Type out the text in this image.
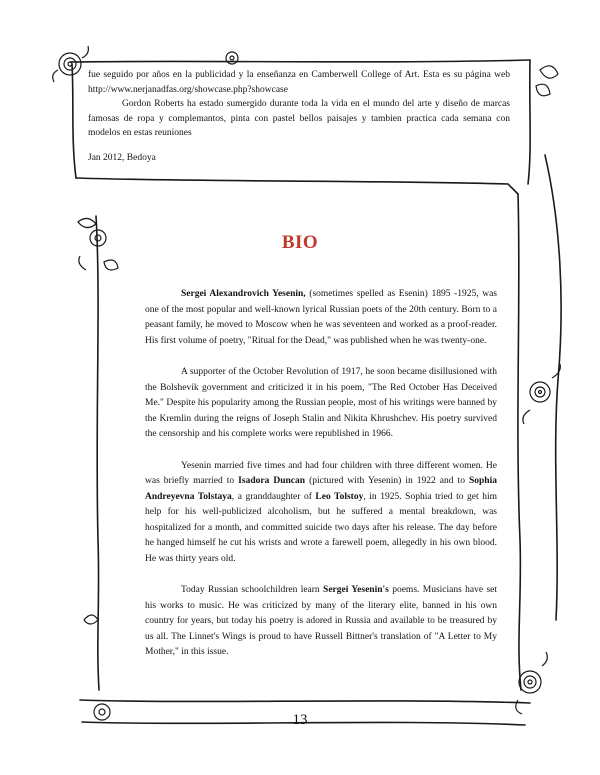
fue seguido por años en la publicidad y la enseñanza en Camberwell College of Art. Esta es su página web http://www.nerjanadfas.org/showcase.php?showcase

Gordon Roberts ha estado sumergido durante toda la vida en el mundo del arte y diseño de marcas famosas de ropa y complemantos, pinta con pastel bellos paisajes y tambien practica cada semana con modelos en estas reuniones

Jan 2012, Bedoya

BIO

Sergei Alexandrovich Yesenin, (sometimes spelled as Esenin) 1895 -1925, was one of the most popular and well-known lyrical Russian poets of the 20th century. Born to a peasant family, he moved to Moscow when he was seventeen and worked as a proof-reader. His first volume of poetry, "Ritual for the Dead," was published when he was twenty-one.

A supporter of the October Revolution of 1917, he soon became disillusioned with the Bolshevik government and criticized it in his poem, "The Red October Has Deceived Me." Despite his popularity among the Russian people, most of his writings were banned by the Kremlin during the reigns of Joseph Stalin and Nikita Khrushchev. His poetry survived the censorship and his complete works were republished in 1966.

Yesenin married five times and had four children with three different women. He was briefly married to Isadora Duncan (pictured with Yesenin) in 1922 and to Sophia Andreyevna Tolstaya, a granddaughter of Leo Tolstoy, in 1925. Sophia tried to get him help for his well-publicized alcoholism, but he suffered a mental breakdown, was hospitalized for a month, and committed suicide two days after his release. The day before he hanged himself he cut his wrists and wrote a farewell poem, allegedly in his own blood. He was thirty years old.

Today Russian schoolchildren learn Sergei Yesenin's poems. Musicians have set his works to music. He was criticized by many of the literary elite, banned in his own country for years, but today his poetry is adored in Russia and available to be treasured by us all. The Linnet's Wings is proud to have Russell Bittner's translation of "A Letter to My Mother," in this issue.

13
